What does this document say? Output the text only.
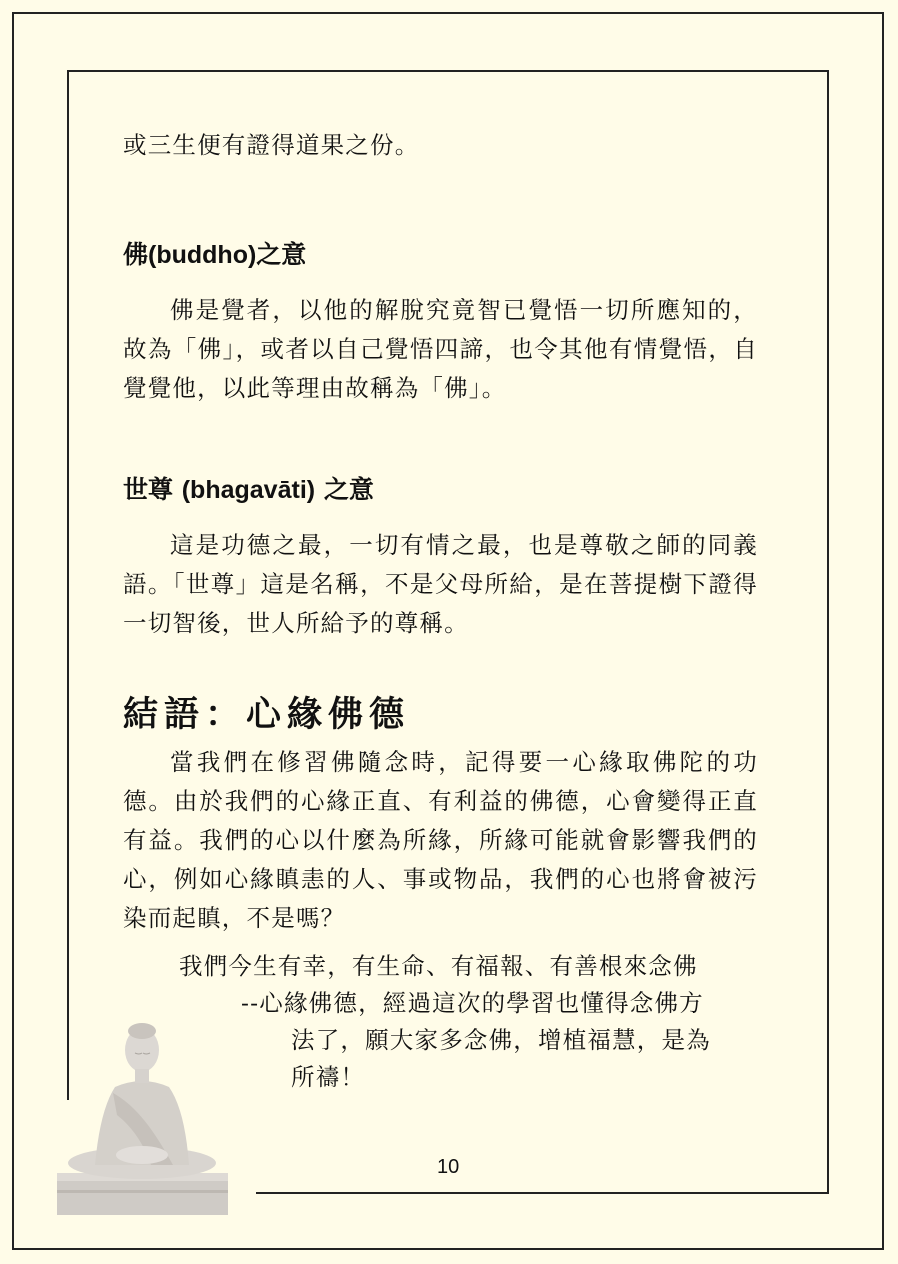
或三生便有證得道果之份。

佛(buddho)之意

佛是覺者，以他的解脫究竟智已覺悟一切所應知的，故為「佛」，或者以自己覺悟四諦，也令其他有情覺悟，自覺覺他，以此等理由故稱為「佛」。

世尊 (bhagavāti) 之意

這是功德之最，一切有情之最，也是尊敬之師的同義語。「世尊」這是名稱，不是父母所給，是在菩提樹下證得一切智後，世人所給予的尊稱。

結語：心緣佛德

當我們在修習佛隨念時，記得要一心緣取佛陀的功德。由於我們的心緣正直、有利益的佛德，心會變得正直有益。我們的心以什麼為所緣，所緣可能就會影響我們的心，例如心緣瞋恚的人、事或物品，我們的心也將會被污染而起瞋，不是嗎？

我們今生有幸，有生命、有福報、有善根來念佛

--心緣佛德，經過這次的學習也懂得念佛方

法了，願大家多念佛，增植福慧，是為

所禱！

10
